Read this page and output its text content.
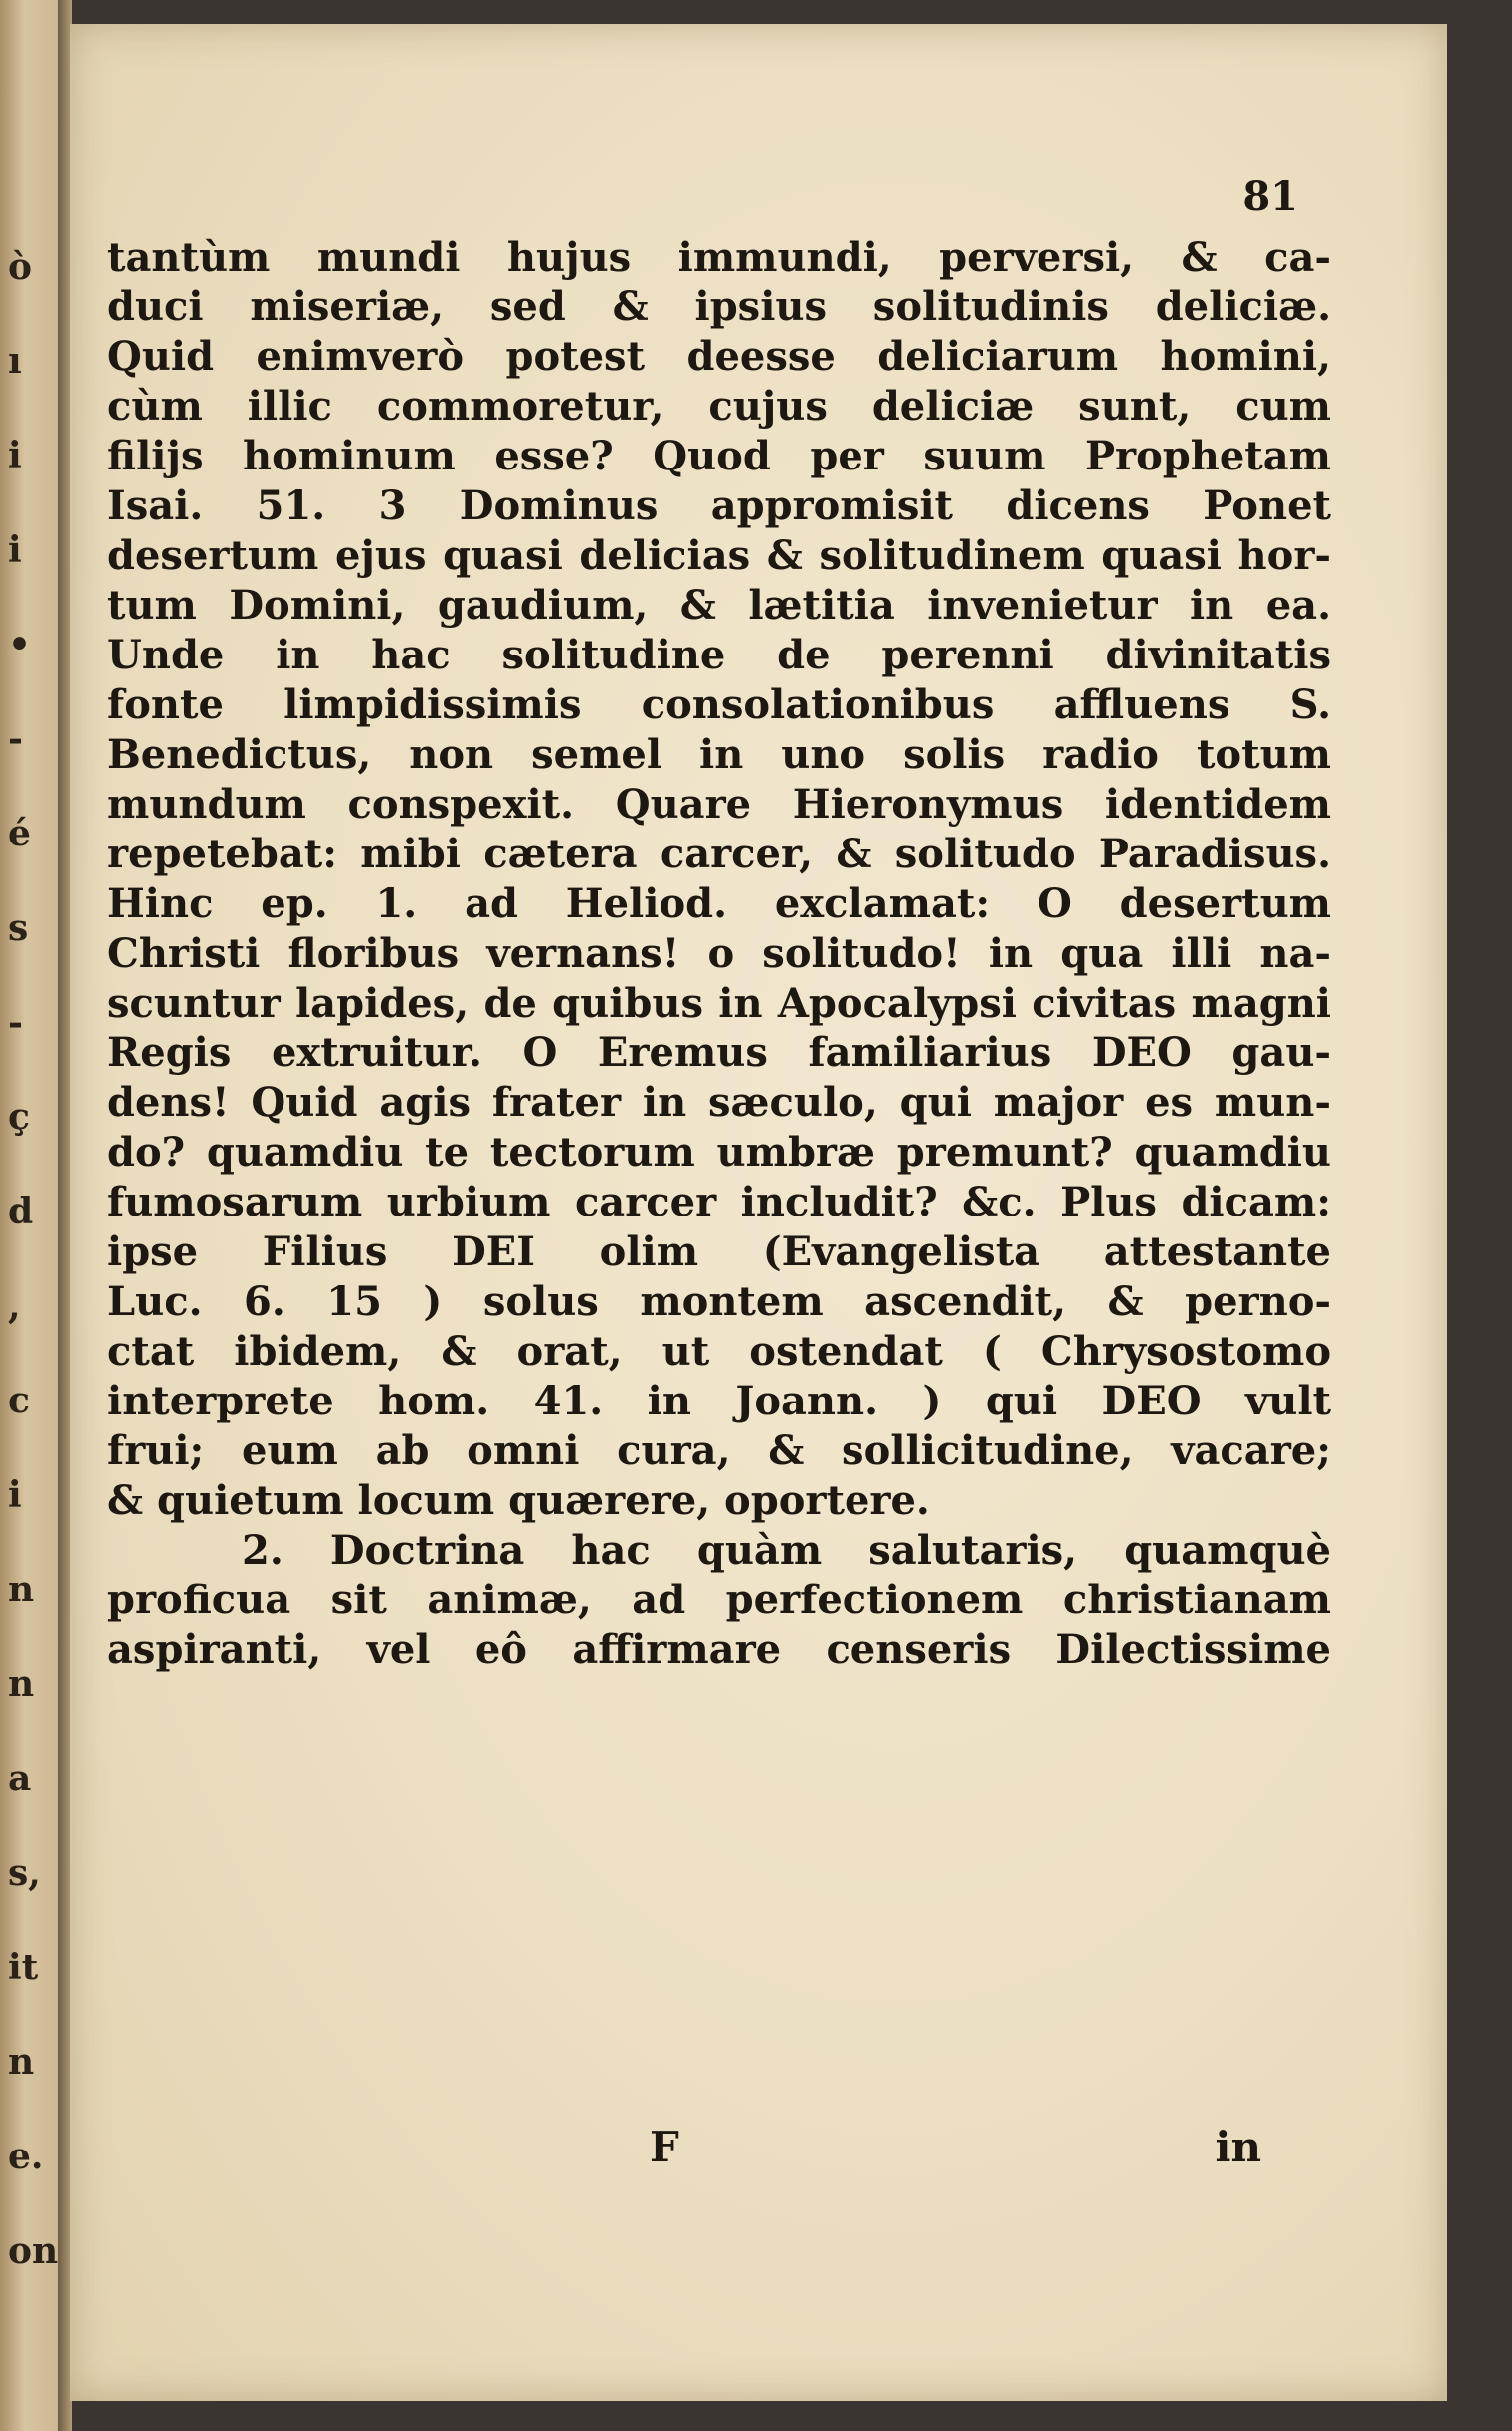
ò
ı
i
i
•
-
é
s
-
ç
d
,
c
i
n
n
a
s,
it
n
e.
on
81
tantùm mundi hujus immundi, perversi, & ca-
duci miseriæ, sed & ipsius solitudinis deliciæ.
Quid enimverò potest deesse deliciarum homini,
cùm illic commoretur, cujus deliciæ sunt, cum
filijs hominum esse? Quod per suum Prophetam
Isai. 51. 3 Dominus appromisit dicens Ponet
desertum ejus quasi delicias & solitudinem quasi hor-
tum Domini, gaudium, & lætitia invenietur in ea.
Unde in hac solitudine de perenni divinitatis
fonte limpidissimis consolationibus affluens S.
Benedictus, non semel in uno solis radio totum
mundum conspexit. Quare Hieronymus identidem
repetebat: mibi cætera carcer, & solitudo Paradisus.
Hinc ep. 1. ad Heliod. exclamat: O desertum
Christi floribus vernans! o solitudo! in qua illi na-
scuntur lapides, de quibus in Apocalypsi civitas magni
Regis extruitur. O Eremus familiarius DEO gau-
dens! Quid agis frater in sæculo, qui major es mun-
do? quamdiu te tectorum umbræ premunt? quamdiu
fumosarum urbium carcer includit? &c. Plus dicam:
ipse Filius DEI olim (Evangelista attestante
Luc. 6. 15 ) solus montem ascendit, & perno-
ctat ibidem, & orat, ut ostendat ( Chrysostomo
interprete hom. 41. in Joann. ) qui DEO vult
frui; eum ab omni cura, & sollicitudine, vacare;
& quietum locum quærere, oportere.
2. Doctrina hac quàm salutaris, quamquè
proficua sit animæ, ad perfectionem christianam
aspiranti, vel eô affirmare censeris Dilectissime
F	in
